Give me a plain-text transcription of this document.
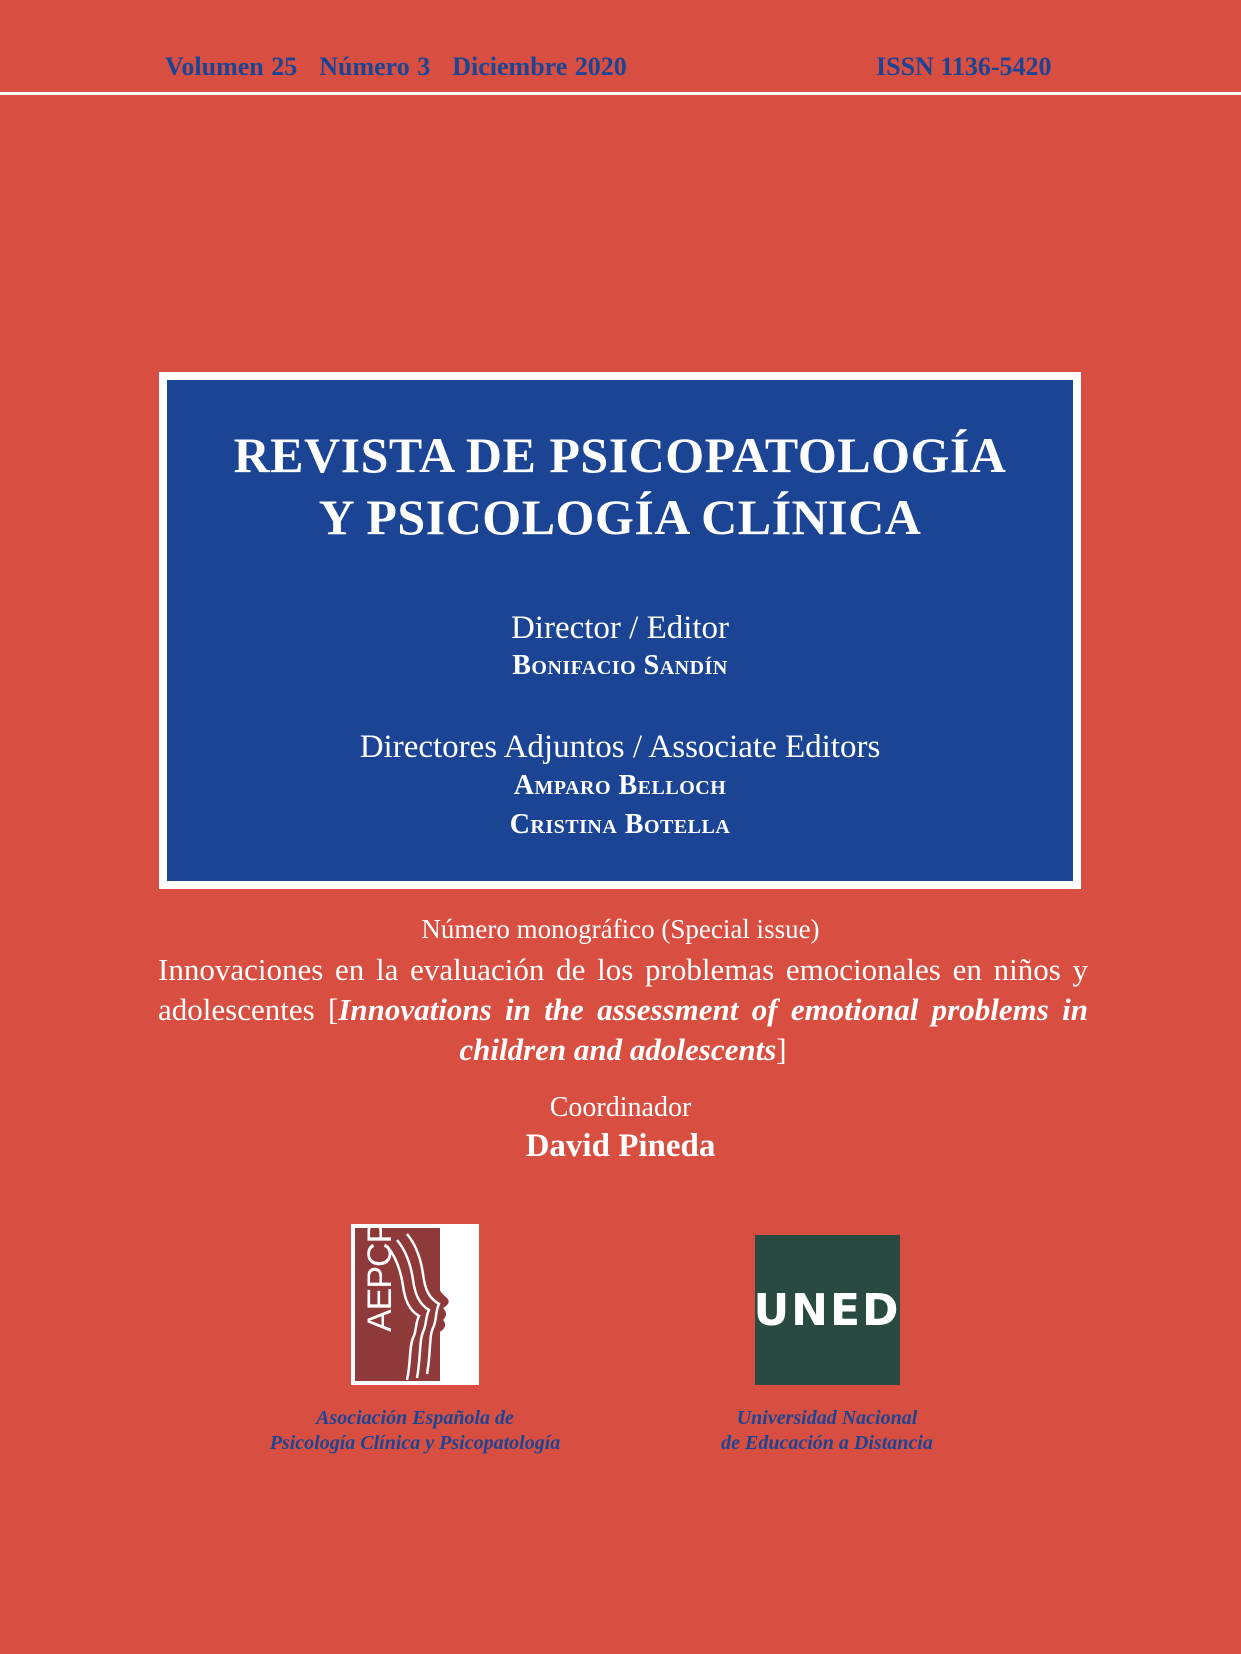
Volumen 25 Número 3 Diciembre 2020	ISSN 1136-5420
REVISTA DE PSICOPATOLOGÍA
Y PSICOLOGÍA CLÍNICA
Director / Editor
Bonifacio Sandín
Directores Adjuntos / Associate Editors
Amparo Belloch
Cristina Botella
Número monográfico (Special issue)
Innovaciones en la evaluación de los problemas emocionales en niños y adolescentes [Innovations in the assessment of emotional problems in children and adolescents]
Coordinador
David Pineda
AEPCP
Asociación Española de
Psicología Clínica y Psicopatología
UNED
Universidad Nacional
de Educación a Distancia
